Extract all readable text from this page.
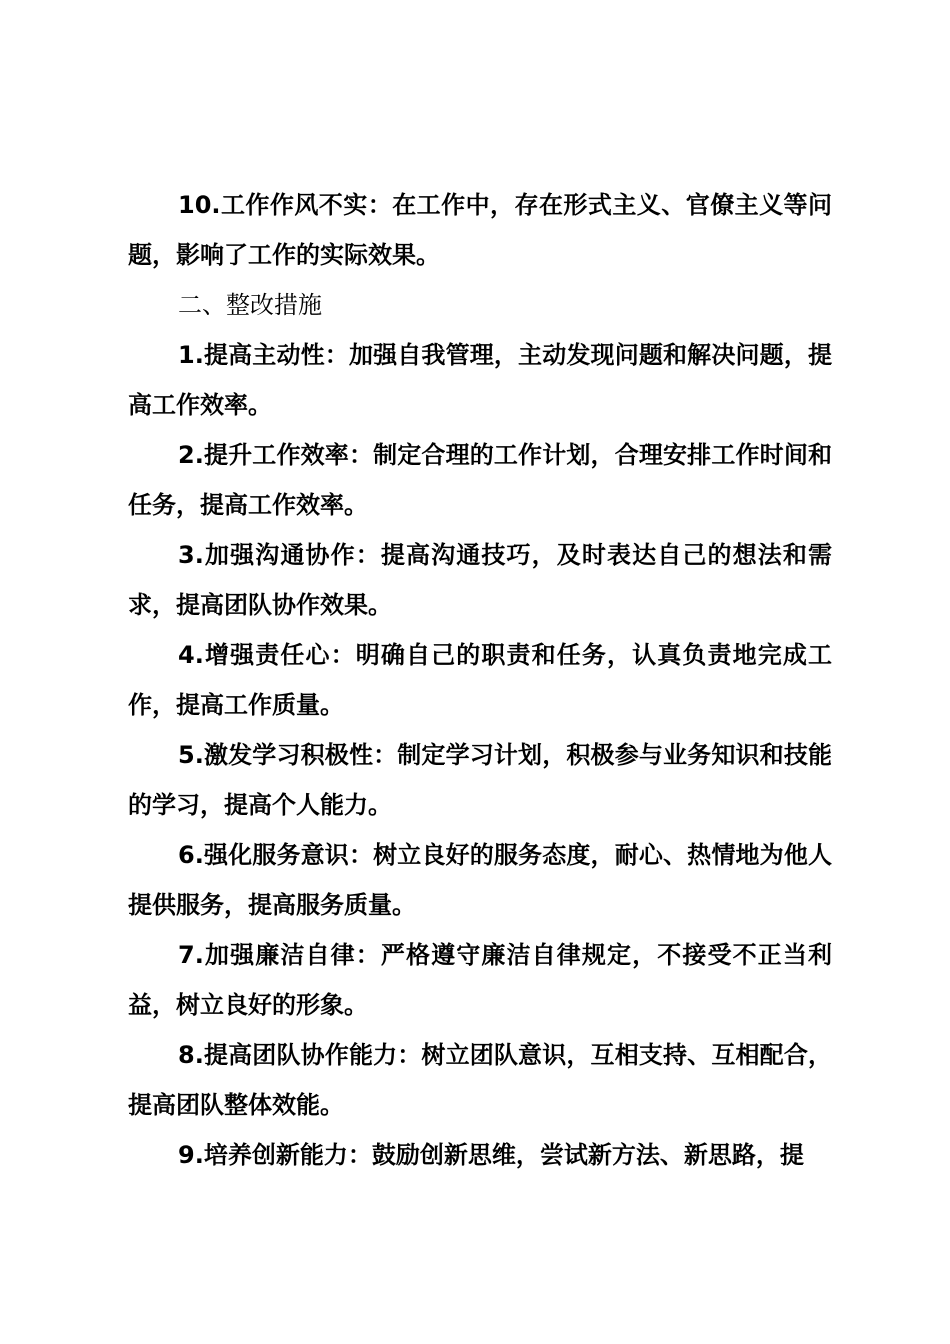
10.工作作风不实：在工作中，存在形式主义、官僚主义等问题，影响了工作的实际效果。

二、整改措施

1.提高主动性：加强自我管理，主动发现问题和解决问题，提高工作效率。

2.提升工作效率：制定合理的工作计划，合理安排工作时间和任务，提高工作效率。

3.加强沟通协作：提高沟通技巧，及时表达自己的想法和需求，提高团队协作效果。

4.增强责任心：明确自己的职责和任务，认真负责地完成工作，提高工作质量。

5.激发学习积极性：制定学习计划，积极参与业务知识和技能的学习，提高个人能力。

6.强化服务意识：树立良好的服务态度，耐心、热情地为他人提供服务，提高服务质量。

7.加强廉洁自律：严格遵守廉洁自律规定，不接受不正当利益，树立良好的形象。

8.提高团队协作能力：树立团队意识，互相支持、互相配合，提高团队整体效能。

9.培养创新能力：鼓励创新思维，尝试新方法、新思路，提
